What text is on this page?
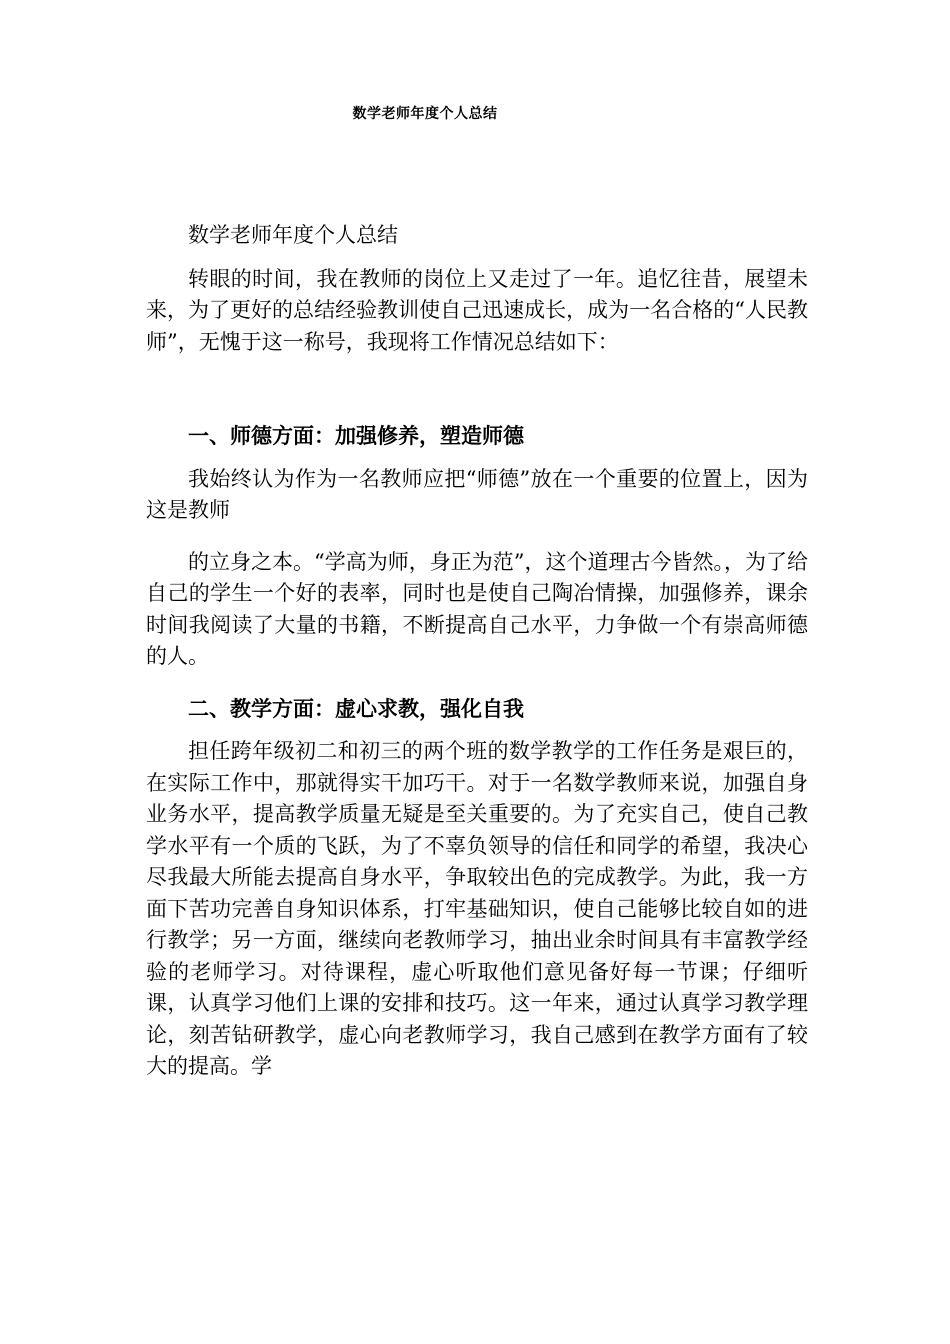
数学老师年度个人总结

数学老师年度个人总结

转眼的时间，我在教师的岗位上又走过了一年。追忆往昔，展望未来，为了更好的总结经验教训使自己迅速成长，成为一名合格的“人民教师”，无愧于这一称号，我现将工作情况总结如下：

一、师德方面：加强修养，塑造师德

我始终认为作为一名教师应把“师德”放在一个重要的位置上，因为这是教师

的立身之本。“学高为师，身正为范”，这个道理古今皆然。，为了给自己的学生一个好的表率，同时也是使自己陶冶情操，加强修养，课余时间我阅读了大量的书籍，不断提高自己水平，力争做一个有崇高师德的人。

二、教学方面：虚心求教，强化自我

担任跨年级初二和初三的两个班的数学教学的工作任务是艰巨的，在实际工作中，那就得实干加巧干。对于一名数学教师来说，加强自身业务水平，提高教学质量无疑是至关重要的。为了充实自己，使自己教学水平有一个质的飞跃，为了不辜负领导的信任和同学的希望，我决心尽我最大所能去提高自身水平，争取较出色的完成教学。为此，我一方面下苦功完善自身知识体系，打牢基础知识，使自己能够比较自如的进行教学；另一方面，继续向老教师学习，抽出业余时间具有丰富教学经验的老师学习。对待课程，虚心听取他们意见备好每一节课；仔细听课，认真学习他们上课的安排和技巧。这一年来，通过认真学习教学理论，刻苦钻研教学，虚心向老教师学习，我自己感到在教学方面有了较大的提高。学
